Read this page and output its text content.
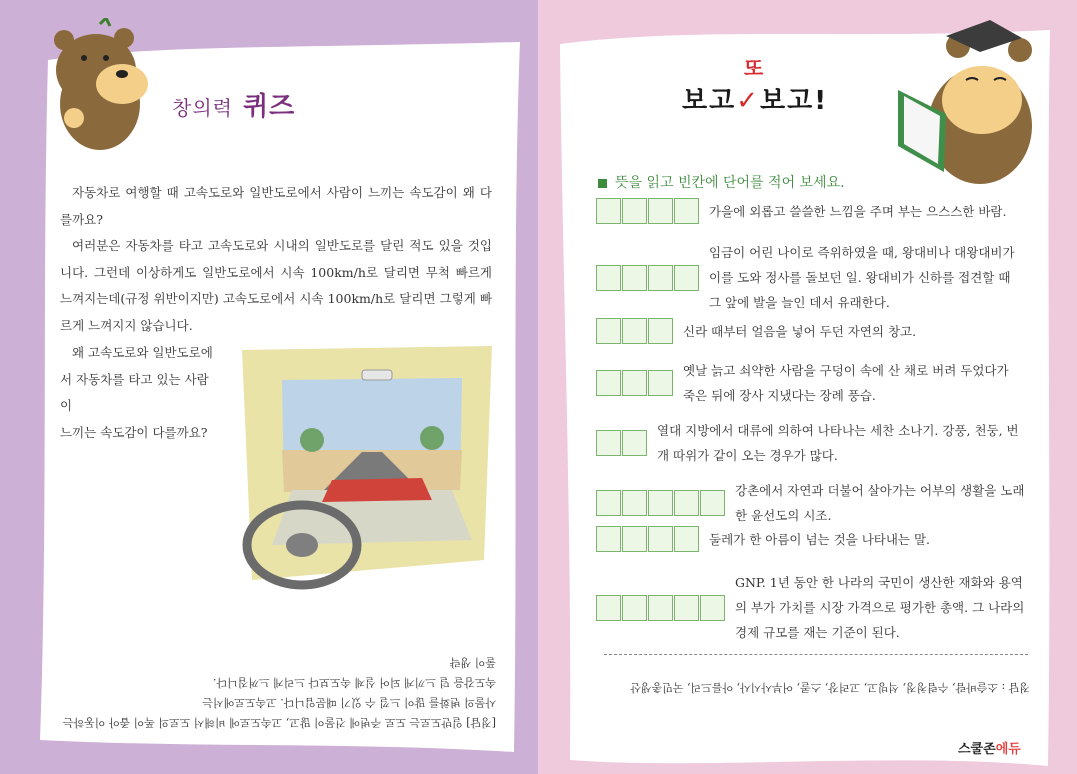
창의력 퀴즈

자동차로 여행할 때 고속도로와 일반도로에서 사람이 느끼는 속도감이 왜 다를까요?

여러분은 자동차를 타고 고속도로와 시내의 일반도로를 달린 적도 있을 것입니다. 그런데 이상하게도 일반도로에서 시속 100km/h로 달리면 무척 빠르게 느껴지는데(규정 위반이지만) 고속도로에서 시속 100km/h로 달리면 그렇게 빠르게 느껴지지 않습니다.

왜 고속도로와 일반도로에
서 자동차를 타고 있는 사람이
느끼는 속도감이 다를까요?
[정답] 일반도로는 도로 주변에 건물이 많고, 고속도로에 비해서 도로의 폭이 좁아 이동하는 사물의 변화를 많이 느낄 수 있기 때문입니다. 고속도로에서는
속도감을 덜 느끼게 되어 실제 속도보다 느리게 느껴집니다.
풀이 생략
보고✓보고!
또
뜻을 읽고 빈칸에 단어를 적어 보세요.
가을에 외롭고 쓸쓸한 느낌을 주며 부는 으스스한 바람.
임금이 어린 나이로 즉위하였을 때, 왕대비나 대왕대비가 이를 도와 정사를 돌보던 일. 왕대비가 신하를 접견할 때 그 앞에 발을 늘인 데서 유래한다.
신라 때부터 얼음을 넣어 두던 자연의 창고.
옛날 늙고 쇠약한 사람을 구덩이 속에 산 채로 버려 두었다가 죽은 뒤에 장사 지냈다는 장례 풍습.
열대 지방에서 대류에 의하여 나타나는 세찬 소나기. 강풍, 천둥, 번개 따위가 같이 오는 경우가 많다.
강촌에서 자연과 더불어 살아가는 어부의 생활을 노래한 윤선도의 시조.
둘레가 한 아름이 넘는 것을 나타내는 말.
GNP. 1년 동안 한 나라의 국민이 생산한 재화와 용역의 부가 가치를 시장 가격으로 평가한 총액. 그 나라의 경제 규모를 재는 기준이 된다.
정답 : 소슬바람, 수렴청정, 석빙고, 고려장, 스콜, 어부사시사, 아름드리, 국민총생산
스쿨존에듀
